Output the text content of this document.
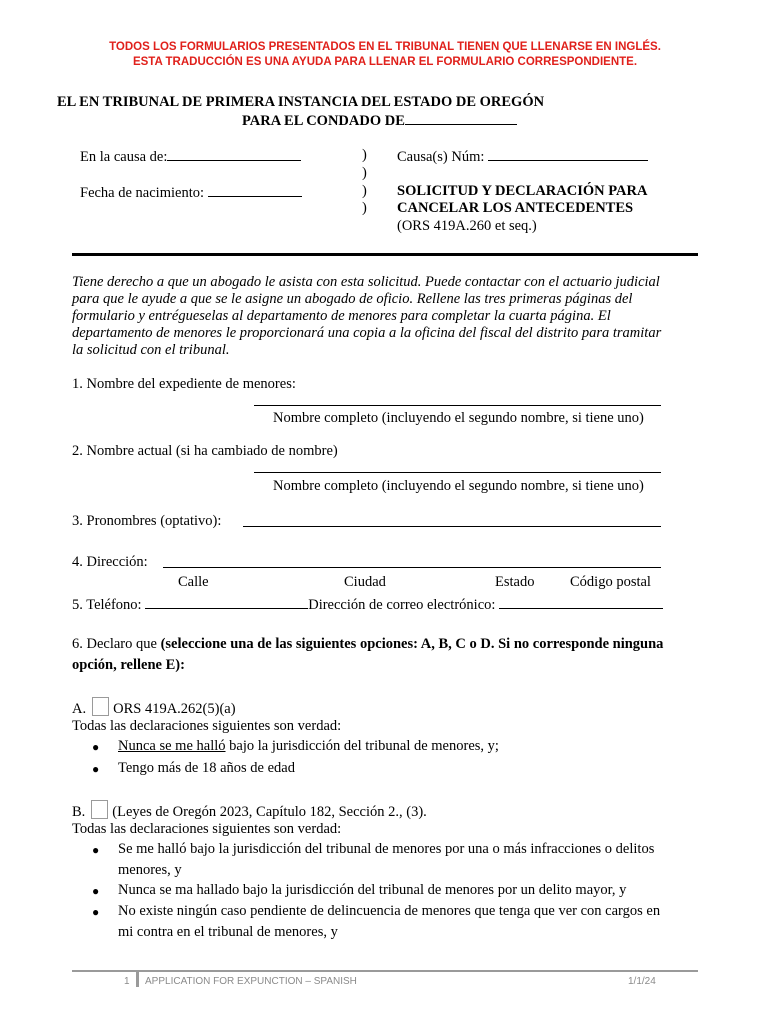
TODOS LOS FORMULARIOS PRESENTADOS EN EL TRIBUNAL TIENEN QUE LLENARSE EN INGLÉS.
ESTA TRADUCCIÓN ES UNA AYUDA PARA LLENAR EL FORMULARIO CORRESPONDIENTE.
EL EN TRIBUNAL DE PRIMERA INSTANCIA DEL ESTADO DE OREGÓN
PARA EL CONDADO DE
En la causa de:
Fecha de nacimiento:
)
)
)
)
Causa(s) Núm:
SOLICITUD Y DECLARACIÓN PARA
CANCELAR LOS ANTECEDENTES
(ORS 419A.260 et seq.)
Tiene derecho a que un abogado le asista con esta solicitud. Puede contactar con el actuario judicial
para que le ayude a que se le asigne un abogado de oficio. Rellene las tres primeras páginas del
formulario y entrégueselas al departamento de menores para completar la cuarta página. El
departamento de menores le proporcionará una copia a la oficina del fiscal del distrito para tramitar
la solicitud con el tribunal.
1. Nombre del expediente de menores:
Nombre completo (incluyendo el segundo nombre, si tiene uno)
2. Nombre actual (si ha cambiado de nombre)
Nombre completo (incluyendo el segundo nombre, si tiene uno)
3. Pronombres (optativo):
4. Dirección:
Calle	Ciudad	Estado Código postal
5. Teléfono:	Dirección de correo electrónico:
6. Declaro que (seleccione una de las siguientes opciones: A, B, C o D. Si no corresponde ninguna
opción, rellene E):
A. ORS 419A.262(5)(a)
Todas las declaraciones siguientes son verdad:
● Nunca se me halló bajo la jurisdicción del tribunal de menores, y;
● Tengo más de 18 años de edad
B. (Leyes de Oregón 2023, Capítulo 182, Sección 2., (3).
Todas las declaraciones siguientes son verdad:
● Se me halló bajo la jurisdicción del tribunal de menores por una o más infracciones o delitos
menores, y
● Nunca se ma hallado bajo la jurisdicción del tribunal de menores por un delito mayor, y
● No existe ningún caso pendiente de delincuencia de menores que tenga que ver con cargos en
mi contra en el tribunal de menores, y
1 APPLICATION FOR EXPUNCTION – SPANISH	1/1/24
